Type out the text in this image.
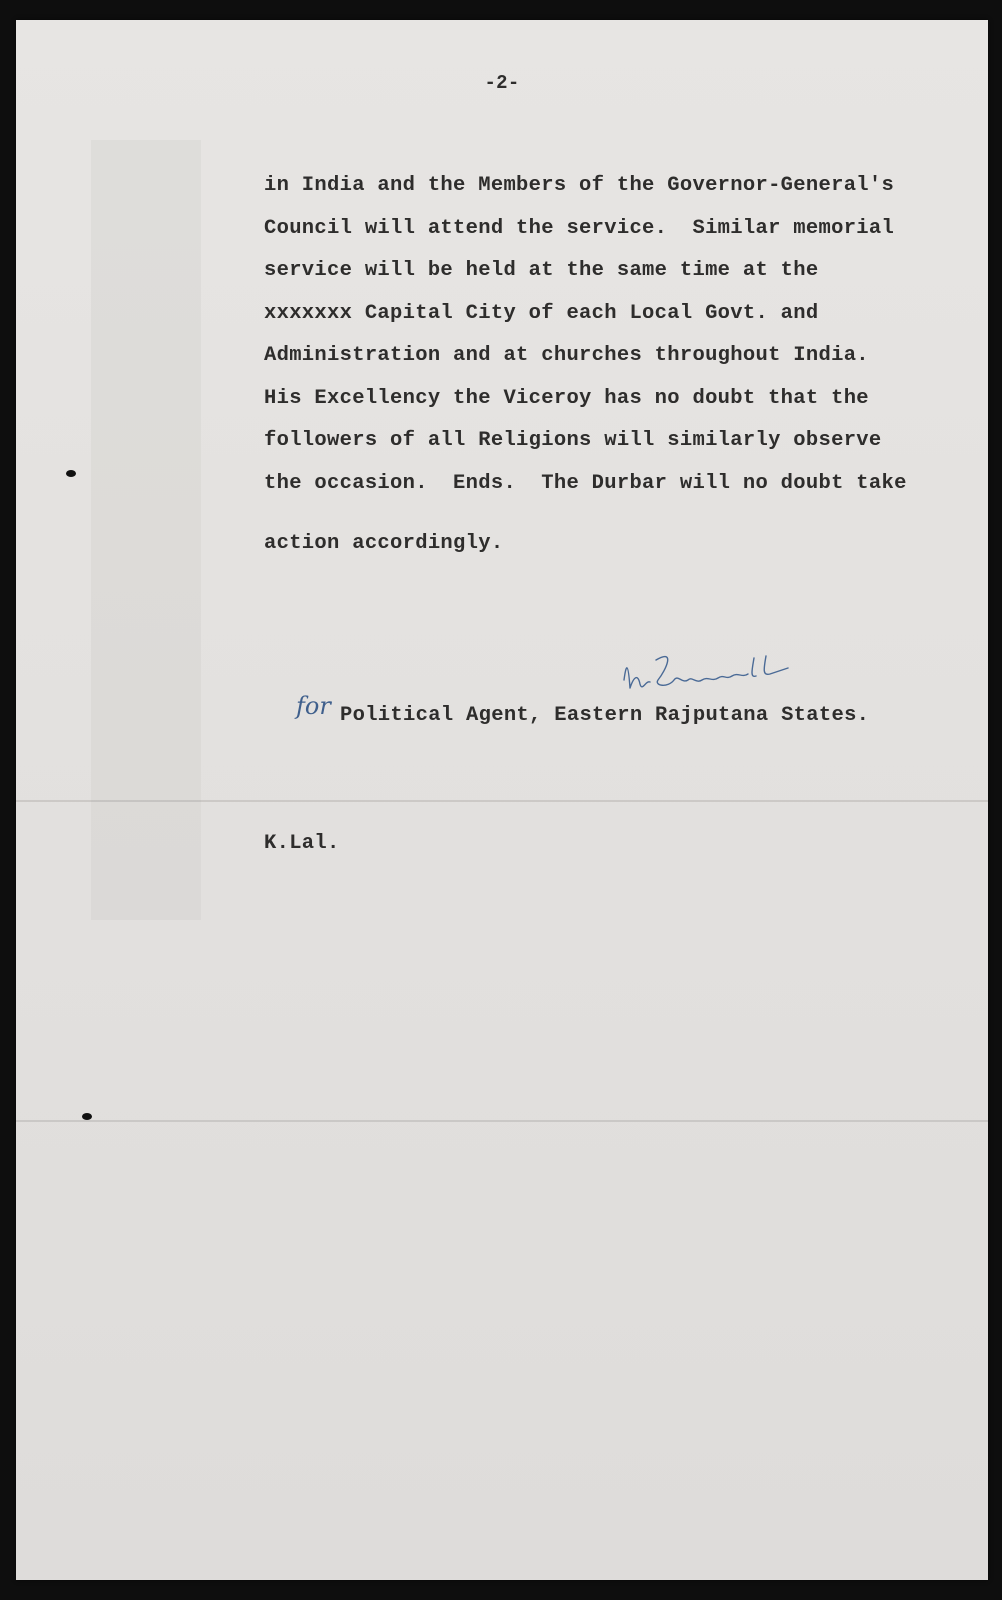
-2-
in India and the Members of the Governor-General's
Council will attend the service.  Similar memorial
service will be held at the same time at the
xxxxxxx Capital City of each Local Govt. and
Administration and at churches throughout India.
His Excellency the Viceroy has no doubt that the
followers of all Religions will similarly observe
the occasion.  Ends.  The Durbar will no doubt take
action accordingly.
for Political Agent, Eastern Rajputana States.
K.Lal.
